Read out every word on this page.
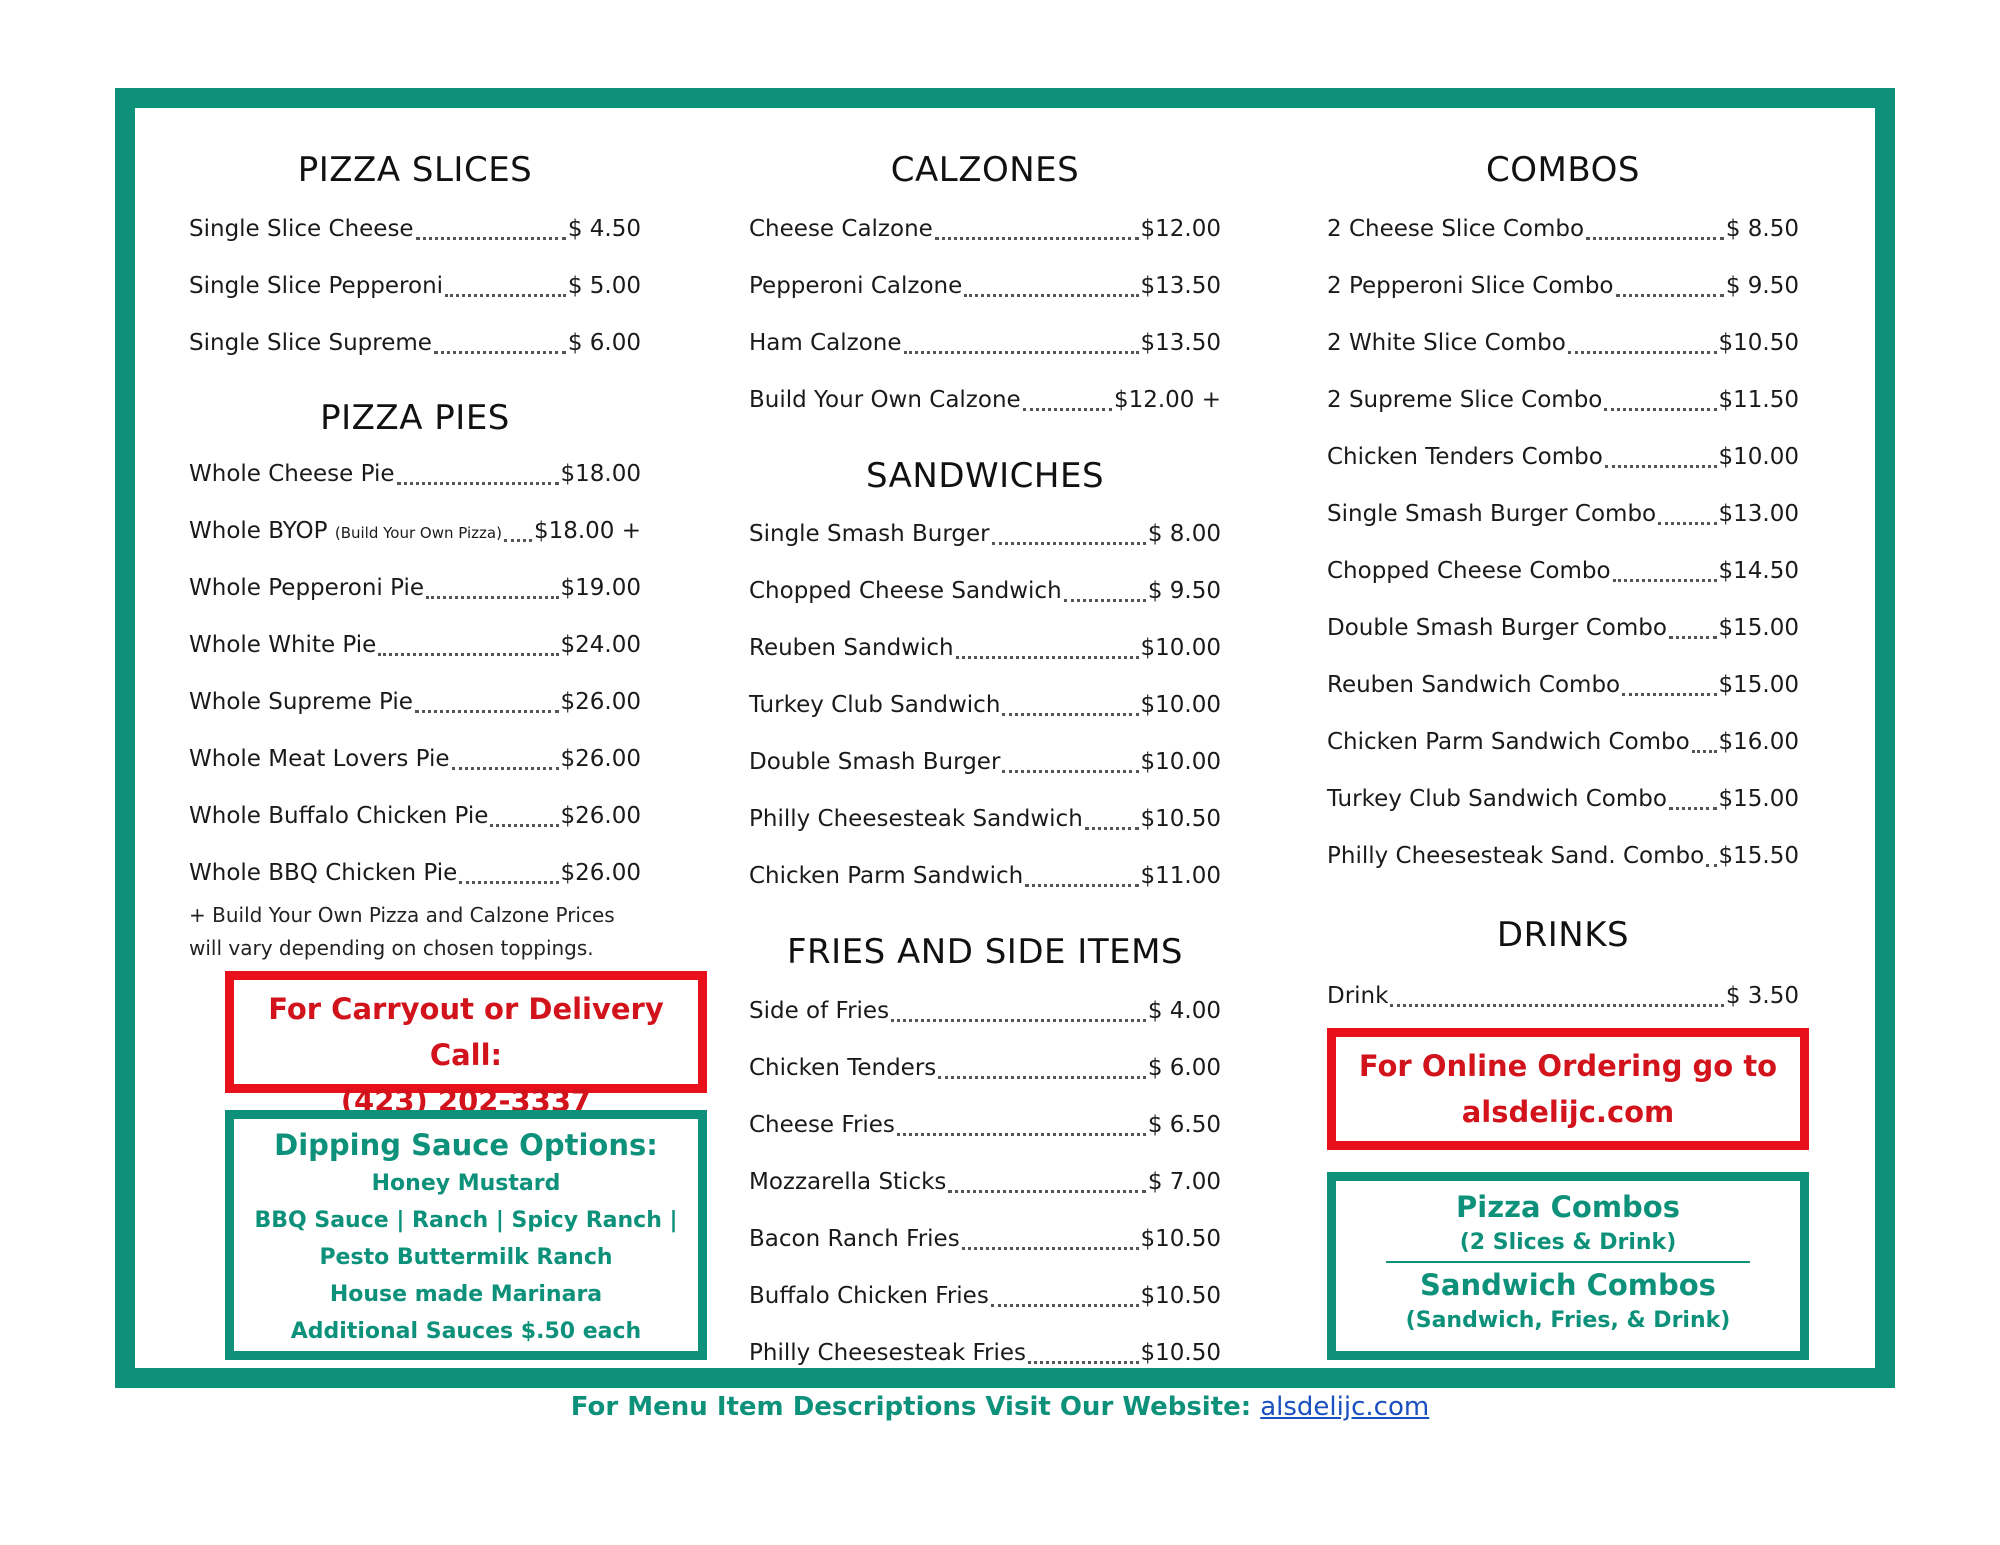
PIZZA SLICES
Single Slice Cheese	$ 4.50
Single Slice Pepperoni	$ 5.00
Single Slice Supreme	$ 6.00
PIZZA PIES
Whole Cheese Pie	$18.00
Whole BYOP (Build Your Own Pizza) $18.00 +
Whole Pepperoni Pie	$19.00
Whole White Pie	$24.00
Whole Supreme Pie	$26.00
Whole Meat Lovers Pie	$26.00
Whole Buffalo Chicken Pie	$26.00
Whole BBQ Chicken Pie	$26.00
+ Build Your Own Pizza and Calzone Prices
will vary depending on chosen toppings.
For Carryout or Delivery Call:
(423) 202-3337
Dipping Sauce Options:
Honey Mustard
BBQ Sauce | Ranch | Spicy Ranch |
Pesto Buttermilk Ranch
House made Marinara
Additional Sauces $.50 each
CALZONES
Cheese Calzone	$12.00
Pepperoni Calzone	$13.50
Ham Calzone	$13.50
Build Your Own Calzone	$12.00 +
SANDWICHES
Single Smash Burger	$ 8.00
Chopped Cheese Sandwich	$ 9.50
Reuben Sandwich	$10.00
Turkey Club Sandwich	$10.00
Double Smash Burger	$10.00
Philly Cheesesteak Sandwich	$10.50
Chicken Parm Sandwich	$11.00
FRIES AND SIDE ITEMS
Side of Fries	$ 4.00
Chicken Tenders	$ 6.00
Cheese Fries	$ 6.50
Mozzarella Sticks	$ 7.00
Bacon Ranch Fries	$10.50
Buffalo Chicken Fries	$10.50
Philly Cheesesteak Fries	$10.50
COMBOS
2 Cheese Slice Combo	$ 8.50
2 Pepperoni Slice Combo	$ 9.50
2 White Slice Combo	$10.50
2 Supreme Slice Combo	$11.50
Chicken Tenders Combo	$10.00
Single Smash Burger Combo	$13.00
Chopped Cheese Combo	$14.50
Double Smash Burger Combo $15.00
Reuben Sandwich Combo	$15.00
Chicken Parm Sandwich Combo $16.00
Turkey Club Sandwich Combo $15.00
Philly Cheesesteak Sand. Combo $15.50
DRINKS
Drink	$ 3.50
For Online Ordering go to
alsdelijc.com
Pizza Combos
(2 Slices & Drink)
Sandwich Combos
(Sandwich, Fries, & Drink)
For Menu Item Descriptions Visit Our Website: alsdelijc.com
